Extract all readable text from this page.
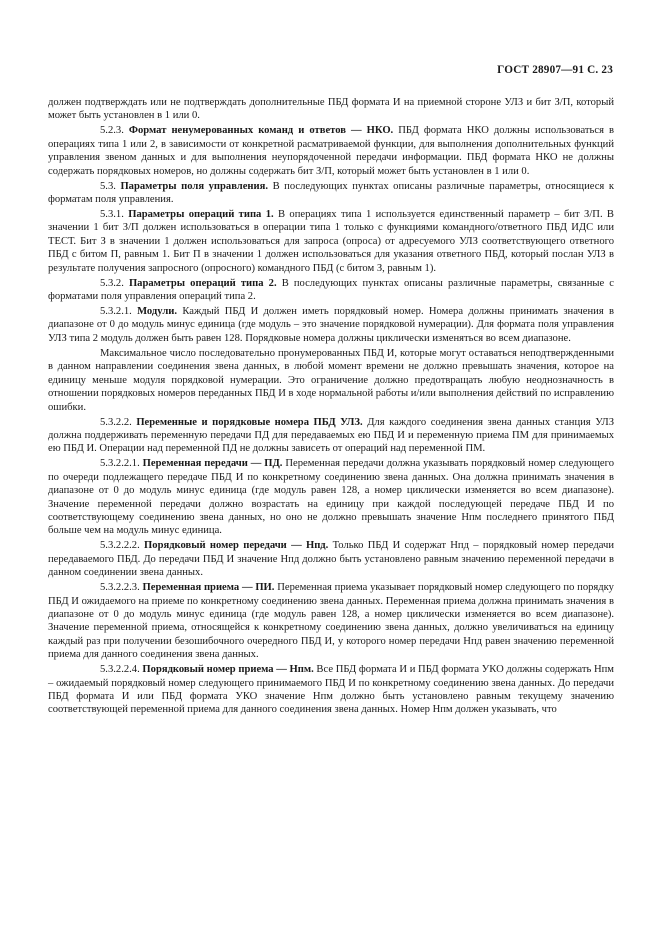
ГОСТ 28907—91 С. 23

должен подтверждать или не подтверждать дополнительные ПБД формата И на приемной стороне УЛЗ и бит З/П, который может быть установлен в 1 или 0.

5.2.3. Формат ненумерованных команд и ответов — НКО. ПБД формата НКО должны использоваться в операциях типа 1 или 2, в зависимости от конкретной расматриваемой функции, для выполнения дополнительных функций управления звеном данных и для выполнения неупорядоченной передачи информации. ПБД формата НКО не должны содержать порядковых номеров, но должны содержать бит З/П, который может быть установлен в 1 или 0.

5.3. Параметры поля управления. В последующих пунктах описаны различные параметры, относящиеся к форматам поля управления.

5.3.1. Параметры операций типа 1. В операциях типа 1 используется единственный параметр – бит З/П. В значении 1 бит З/П должен использоваться в операции типа 1 только с функциями командного/ответного ПБД ИДС или ТЕСТ. Бит З в значении 1 должен использоваться для запроса (опроса) от адресуемого УЛЗ соответствующего ответного ПБД с битом П, равным 1. Бит П в значении 1 должен использоваться для указания ответного ПБД, который послан УЛЗ в результате получения запросного (опросного) командного ПБД (с битом З, равным 1).

5.3.2. Параметры операций типа 2. В последующих пунктах описаны различные параметры, связанные с форматами поля управления операций типа 2.

5.3.2.1. Модули. Каждый ПБД И должен иметь порядковый номер. Номера должны принимать значения в диапазоне от 0 до модуль минус единица (где модуль – это значение порядковой нумерации). Для формата поля управления УЛЗ типа 2 модуль должен быть равен 128. Порядковые номера должны циклически изменяться во всем диапазоне.

Максимальное число последовательно пронумерованных ПБД И, которые могут оставаться неподтвержденными в данном направлении соединения звена данных, в любой момент времени не должно превышать значения, которое на единицу меньше модуля порядковой нумерации. Это ограничение должно предотвращать любую неоднозначность в отношении порядковых номеров переданных ПБД И в ходе нормальной работы и/или выполнения действий по исправлению ошибки.

5.3.2.2. Переменные и порядковые номера ПБД УЛЗ. Для каждого соединения звена данных станция УЛЗ должна поддерживать переменную передачи ПД для передаваемых ею ПБД И и переменную приема ПМ для принимаемых ею ПБД И. Операции над переменной ПД не должны зависеть от операций над переменной ПМ.

5.3.2.2.1. Переменная передачи — ПД. Переменная передачи должна указывать порядковый номер следующего по очереди подлежащего передаче ПБД И по конкретному соединению звена данных. Она должна принимать значения в диапазоне от 0 до модуль минус единица (где модуль равен 128, а номер циклически изменяется во всем диапазоне). Значение переменной передачи должно возрастать на единицу при каждой последующей передаче ПБД И по соответствующему соединению звена данных, но оно не должно превышать значение Нпм последнего принятого ПБД больше чем на модуль минус единица.

5.3.2.2.2. Порядковый номер передачи — Нпд. Только ПБД И содержат Нпд – порядковый номер передачи передаваемого ПБД. До передачи ПБД И значение Нпд должно быть установлено равным значению переменной передачи в данном соединении звена данных.

5.3.2.2.3. Переменная приема — ПИ. Переменная приема указывает порядковый номер следующего по порядку ПБД И ожидаемого на приеме по конкретному соединению звена данных. Переменная приема должна принимать значения в диапазоне от 0 до модуль минус единица (где модуль равен 128, а номер циклически изменяется во всем диапазоне). Значение переменной приема, относящейся к конкретному соединению звена данных, должно увеличиваться на единицу каждый раз при получении безошибочного очередного ПБД И, у которого номер передачи Нпд равен значению переменной приема для данного соединения звена данных.

5.3.2.2.4. Порядковый номер приема — Нпм. Все ПБД формата И и ПБД формата УКО должны содержать Нпм – ожидаемый порядковый номер следующего принимаемого ПБД И по конкретному соединению звена данных. До передачи ПБД формата И или ПБД формата УКО значение Нпм должно быть установлено равным текущему значению соответствующей переменной приема для данного соединения звена данных. Номер Нпм должен указывать, что
